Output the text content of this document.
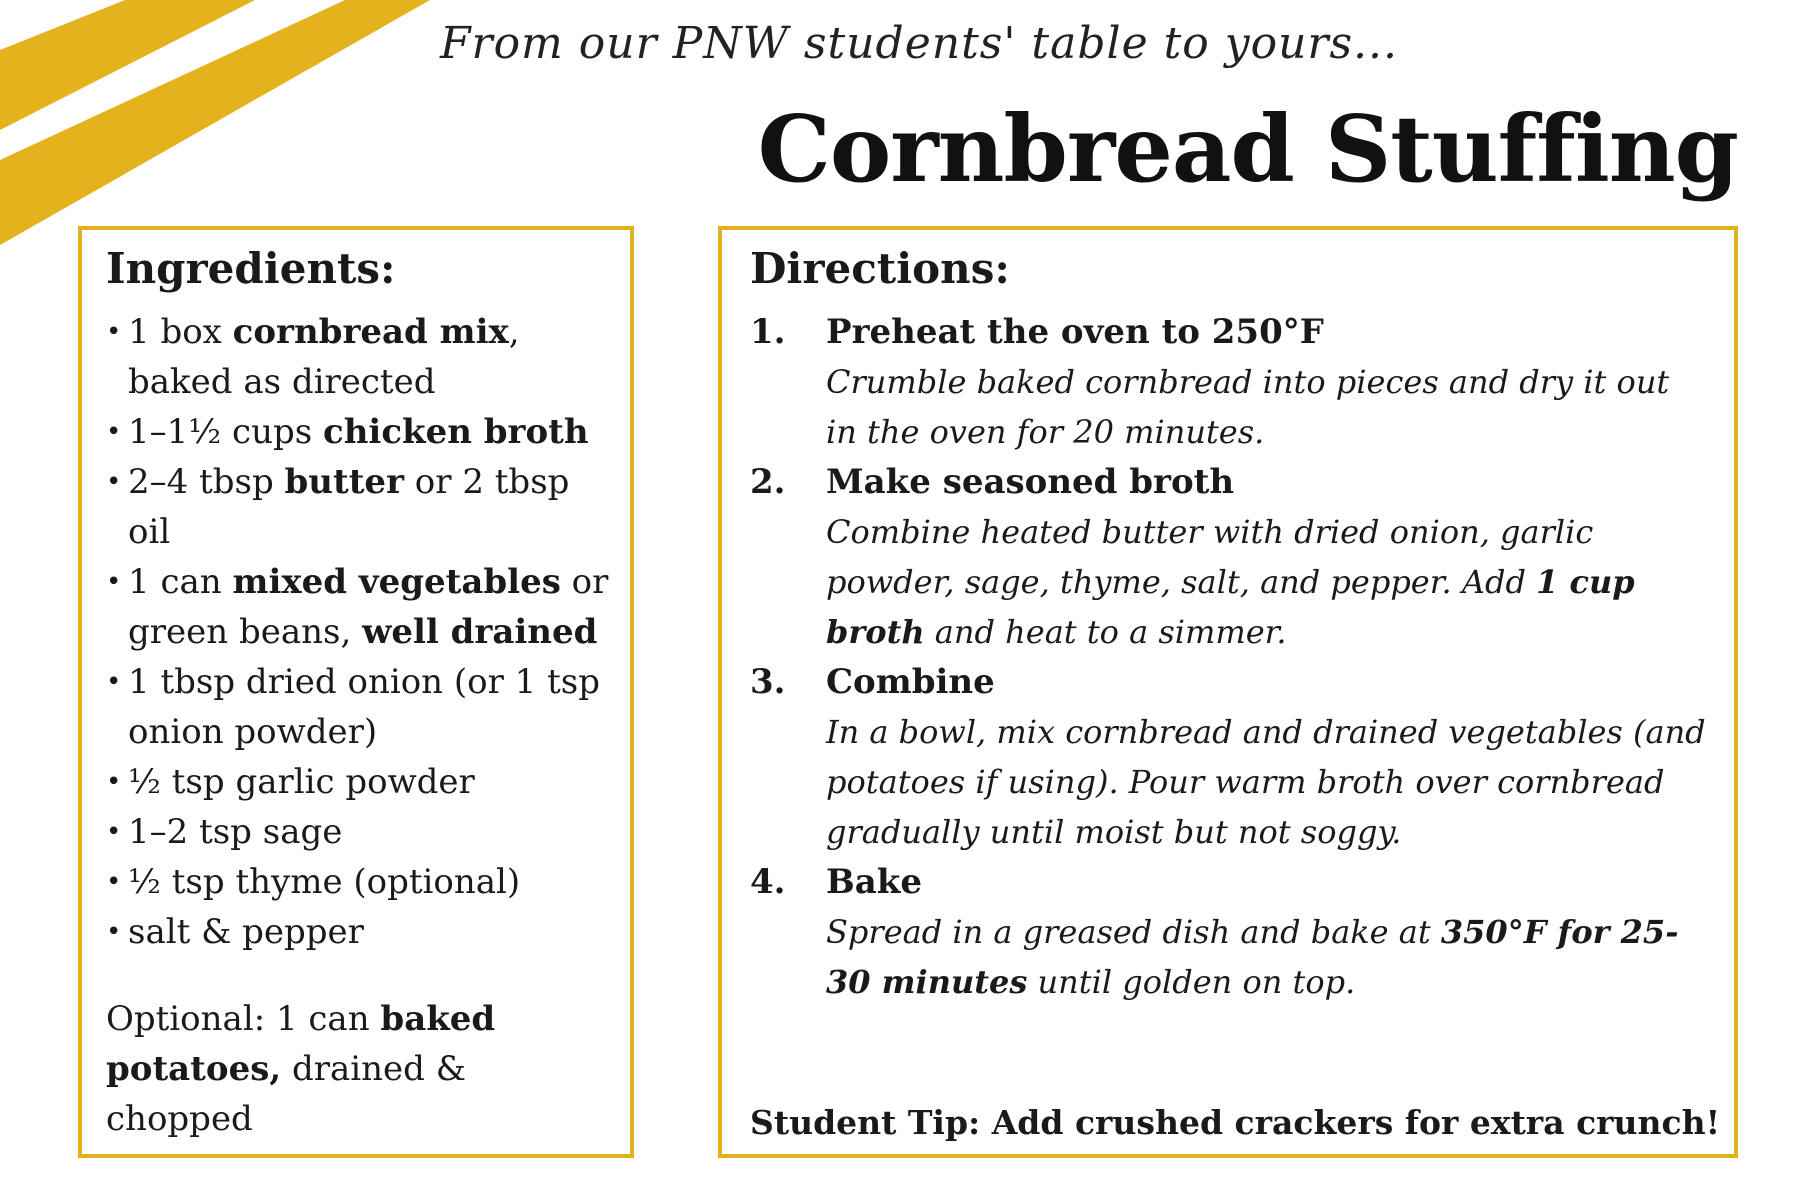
From our PNW students' table to yours...
Cornbread Stuffing
Ingredients:
• 1 box cornbread mix, baked as directed
• 1–1½ cups chicken broth
• 2–4 tbsp butter or 2 tbsp oil
• 1 can mixed vegetables or green beans, well drained
• 1 tbsp dried onion (or 1 tsp onion powder)
• ½ tsp garlic powder
• 1–2 tsp sage
• ½ tsp thyme (optional)
• salt & pepper
Optional: 1 can baked potatoes, drained & chopped
Directions:
1.	Preheat the oven to 250°F
Crumble baked cornbread into pieces and dry it out in the oven for 20 minutes.
2.	Make seasoned broth
Combine heated butter with dried onion, garlic powder, sage, thyme, salt, and pepper. Add 1 cup broth and heat to a simmer.
3.	Combine
In a bowl, mix cornbread and drained vegetables (and potatoes if using). Pour warm broth over cornbread gradually until moist but not soggy.
4.	Bake
Spread in a greased dish and bake at 350°F for 25-30 minutes until golden on top.
Student Tip: Add crushed crackers for extra crunch!
